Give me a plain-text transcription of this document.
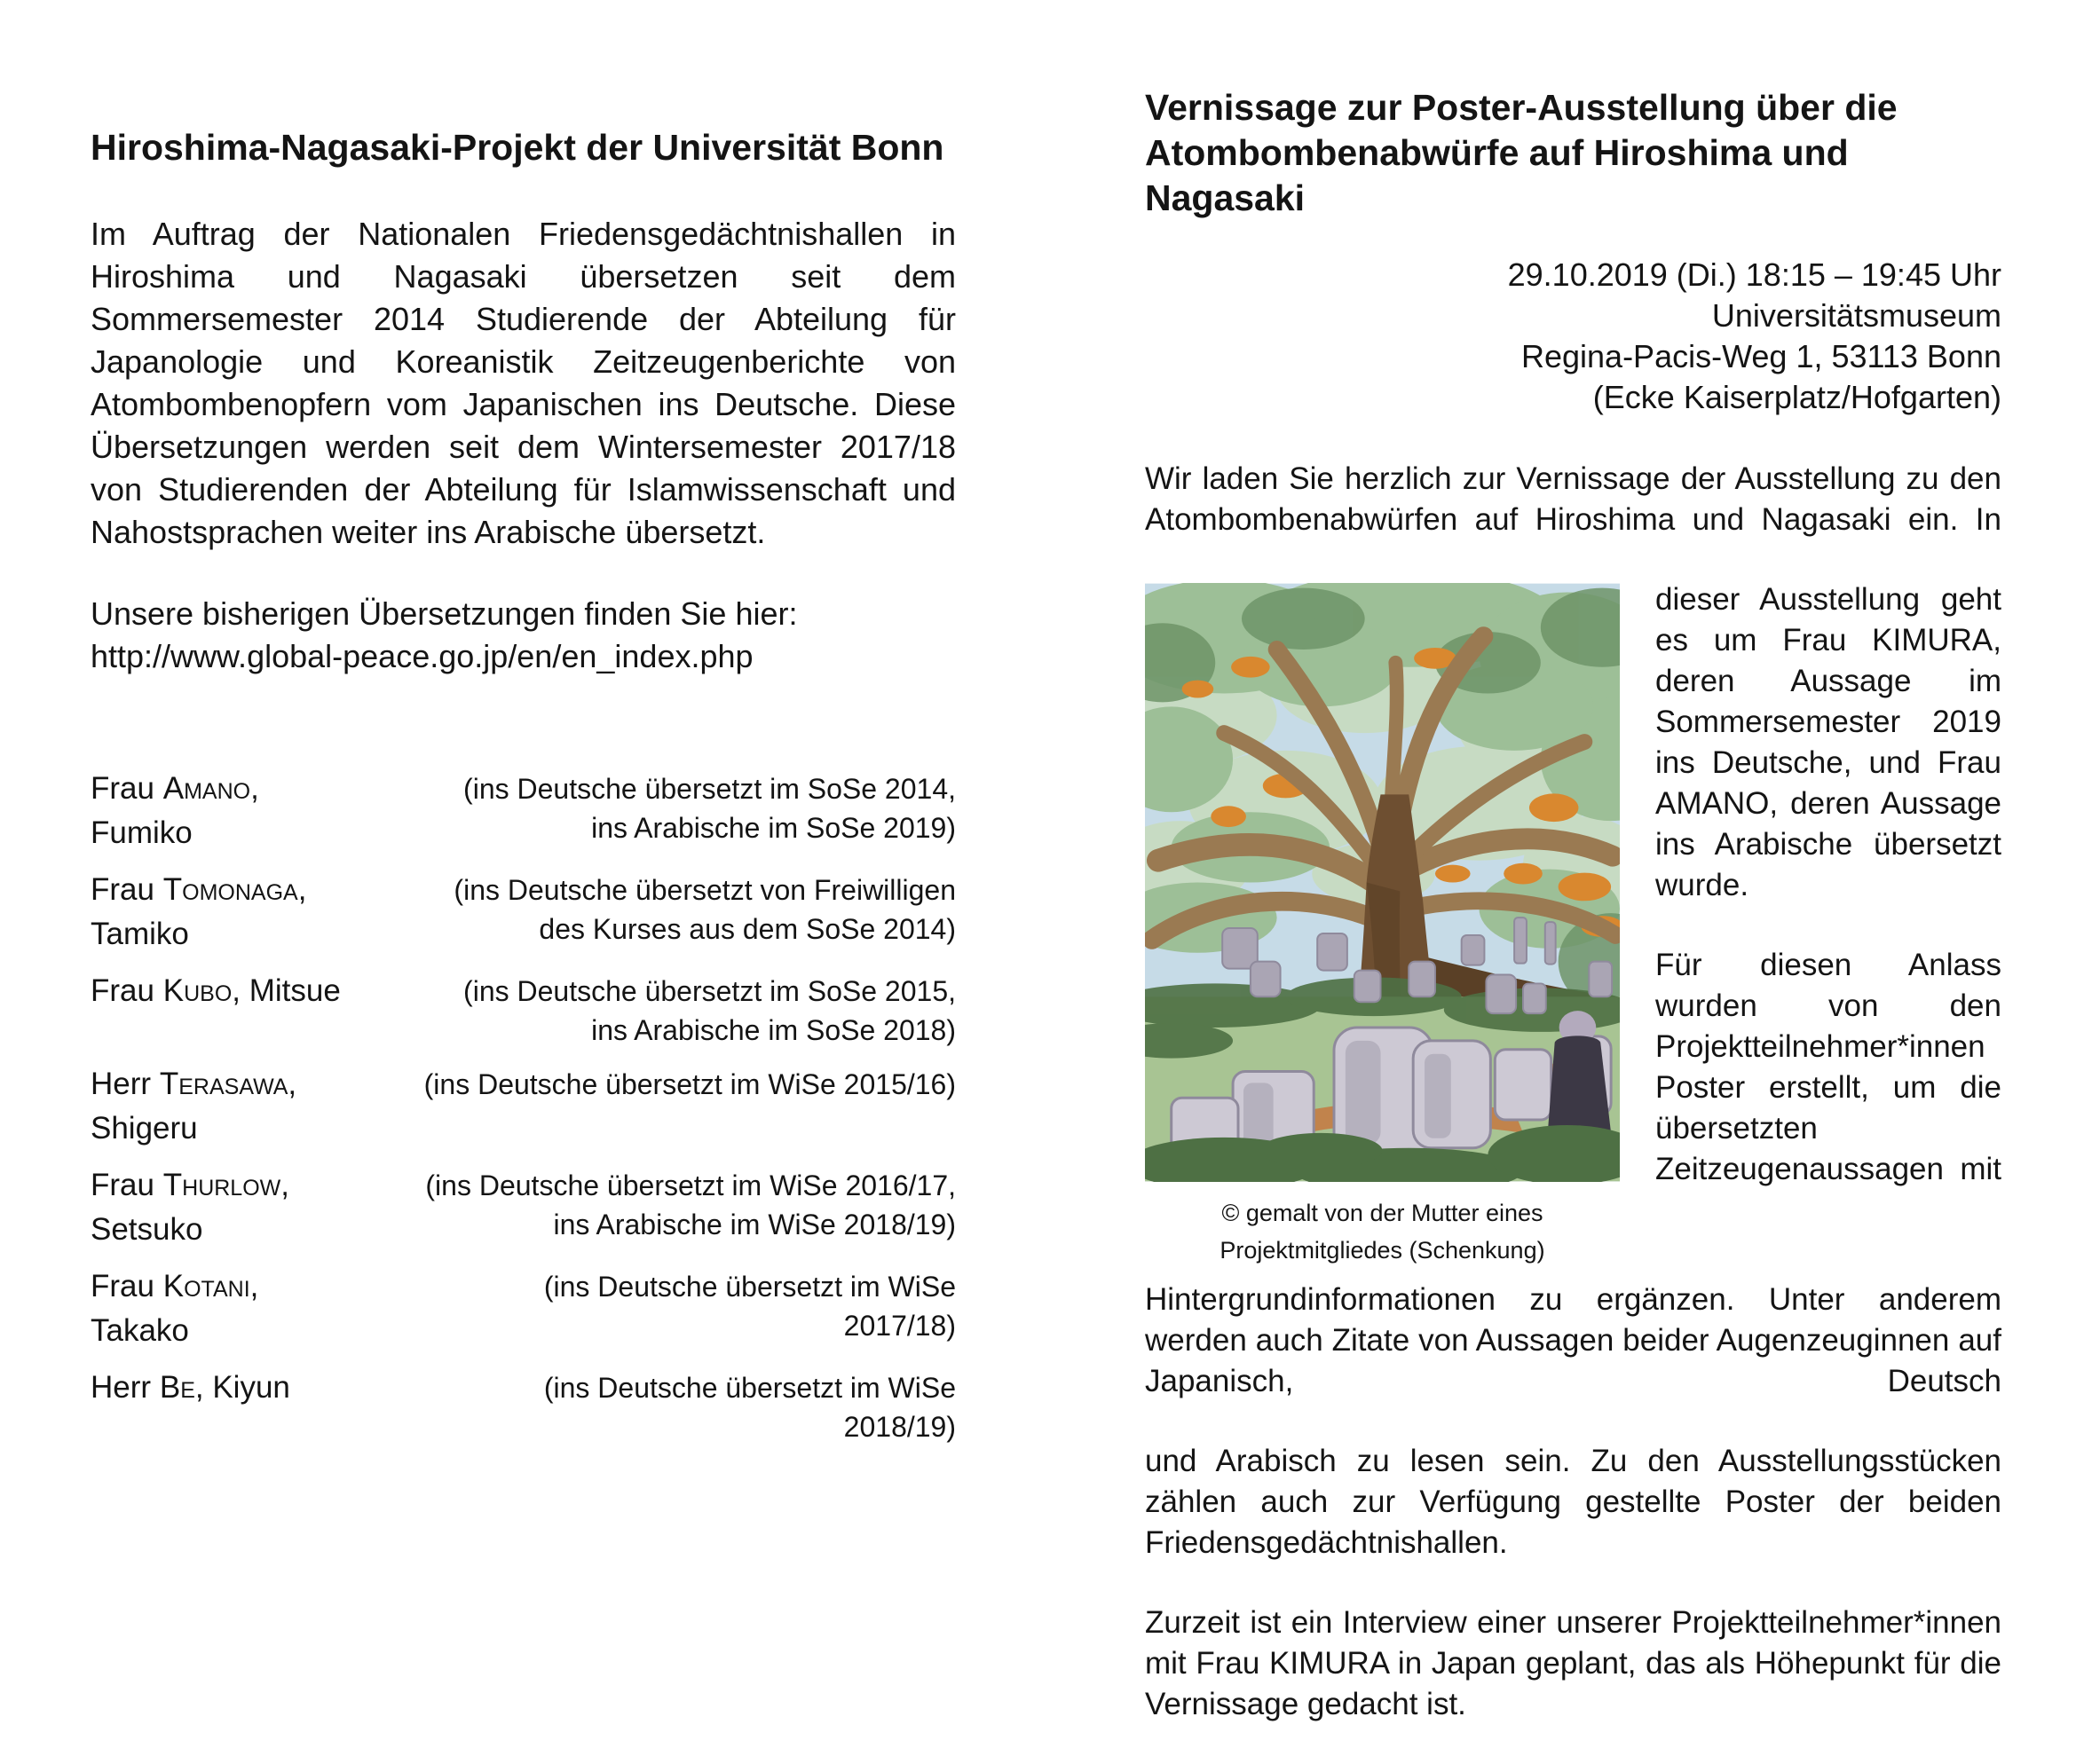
Hiroshima-Nagasaki-Projekt der Universität Bonn

Im Auftrag der Nationalen Friedensgedächtnishallen in Hiroshima und Nagasaki übersetzen seit dem Sommersemester 2014 Studierende der Abteilung für Japanologie und Koreanistik Zeitzeugenberichte von Atombombenopfern vom Japanischen ins Deutsche. Diese Übersetzungen werden seit dem Wintersemester 2017/18 von Studierenden der Abteilung für Islamwissenschaft und Nahostsprachen weiter ins Arabische übersetzt.

Unsere bisherigen Übersetzungen finden Sie hier:
http://www.global-peace.go.jp/en/en_index.php
Frau Amano,
Fumiko
(ins Deutsche übersetzt im SoSe 2014,
ins Arabische im SoSe 2019)
Frau Tomonaga,
Tamiko
(ins Deutsche übersetzt von Freiwilligen
des Kurses aus dem SoSe 2014)
Frau Kubo, Mitsue	(ins Deutsche übersetzt im SoSe 2015,
ins Arabische im SoSe 2018)
Herr Terasawa,
Shigeru
(ins Deutsche übersetzt im WiSe 2015/16)
Frau Thurlow,
Setsuko
(ins Deutsche übersetzt im WiSe 2016/17,
ins Arabische im WiSe 2018/19)
Frau Kotani,
Takako
(ins Deutsche übersetzt im WiSe
2017/18)
Herr Be, Kiyun	(ins Deutsche übersetzt im WiSe
2018/19)
Vernissage zur Poster-Ausstellung über die
Atombombenabwürfe auf Hiroshima und Nagasaki
29.10.2019 (Di.) 18:15 – 19:45 Uhr
Universitätsmuseum
Regina-Pacis-Weg 1, 53113 Bonn
(Ecke Kaiserplatz/Hofgarten)

Wir laden Sie herzlich zur Vernissage der Ausstellung zu den Atombombenabwürfen auf Hiroshima und Nagasaki ein. In

© gemalt von der Mutter eines
Projektmitgliedes (Schenkung)

dieser Ausstellung geht es um Frau KIMURA, deren Aussage im Sommersemester 2019 ins Deutsche, und Frau AMANO, deren Aussage ins Arabische übersetzt wurde.

Für diesen Anlass wurden von den Projektteilnehmer*innen Poster erstellt, um die übersetzten Zeitzeugenaussagen mit Hintergrundinformationen zu ergänzen. Unter anderem werden auch Zitate von Aussagen beider Augenzeuginnen auf Japanisch, Deutsch

und Arabisch zu lesen sein. Zu den Ausstellungsstücken zählen auch zur Verfügung gestellte Poster der beiden Friedensgedächtnishallen.

Zurzeit ist ein Interview einer unserer Projektteilnehmer*innen mit Frau KIMURA in Japan geplant, das als Höhepunkt für die Vernissage gedacht ist.
